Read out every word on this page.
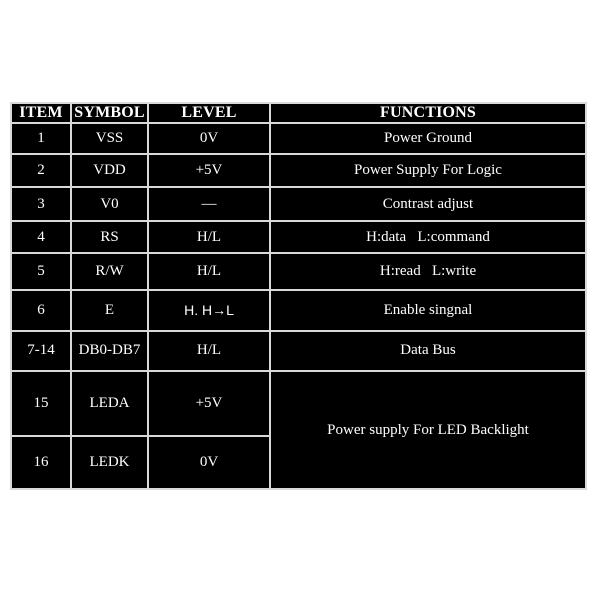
ITEM	SYMBOL	LEVEL	FUNCTIONS
1	VSS	0V	Power Ground
2	VDD	+5V	Power Supply For Logic
3	V0	—	Contrast adjust
4	RS	H/L	H:data   L:command
5	R/W	H/L	H:read   L:write
6	E	H. H→L	Enable singnal
7-14	DB0-DB7	H/L	Data Bus
15	LEDA	+5V	Power supply For LED Backlight
16	LEDK	0V	
